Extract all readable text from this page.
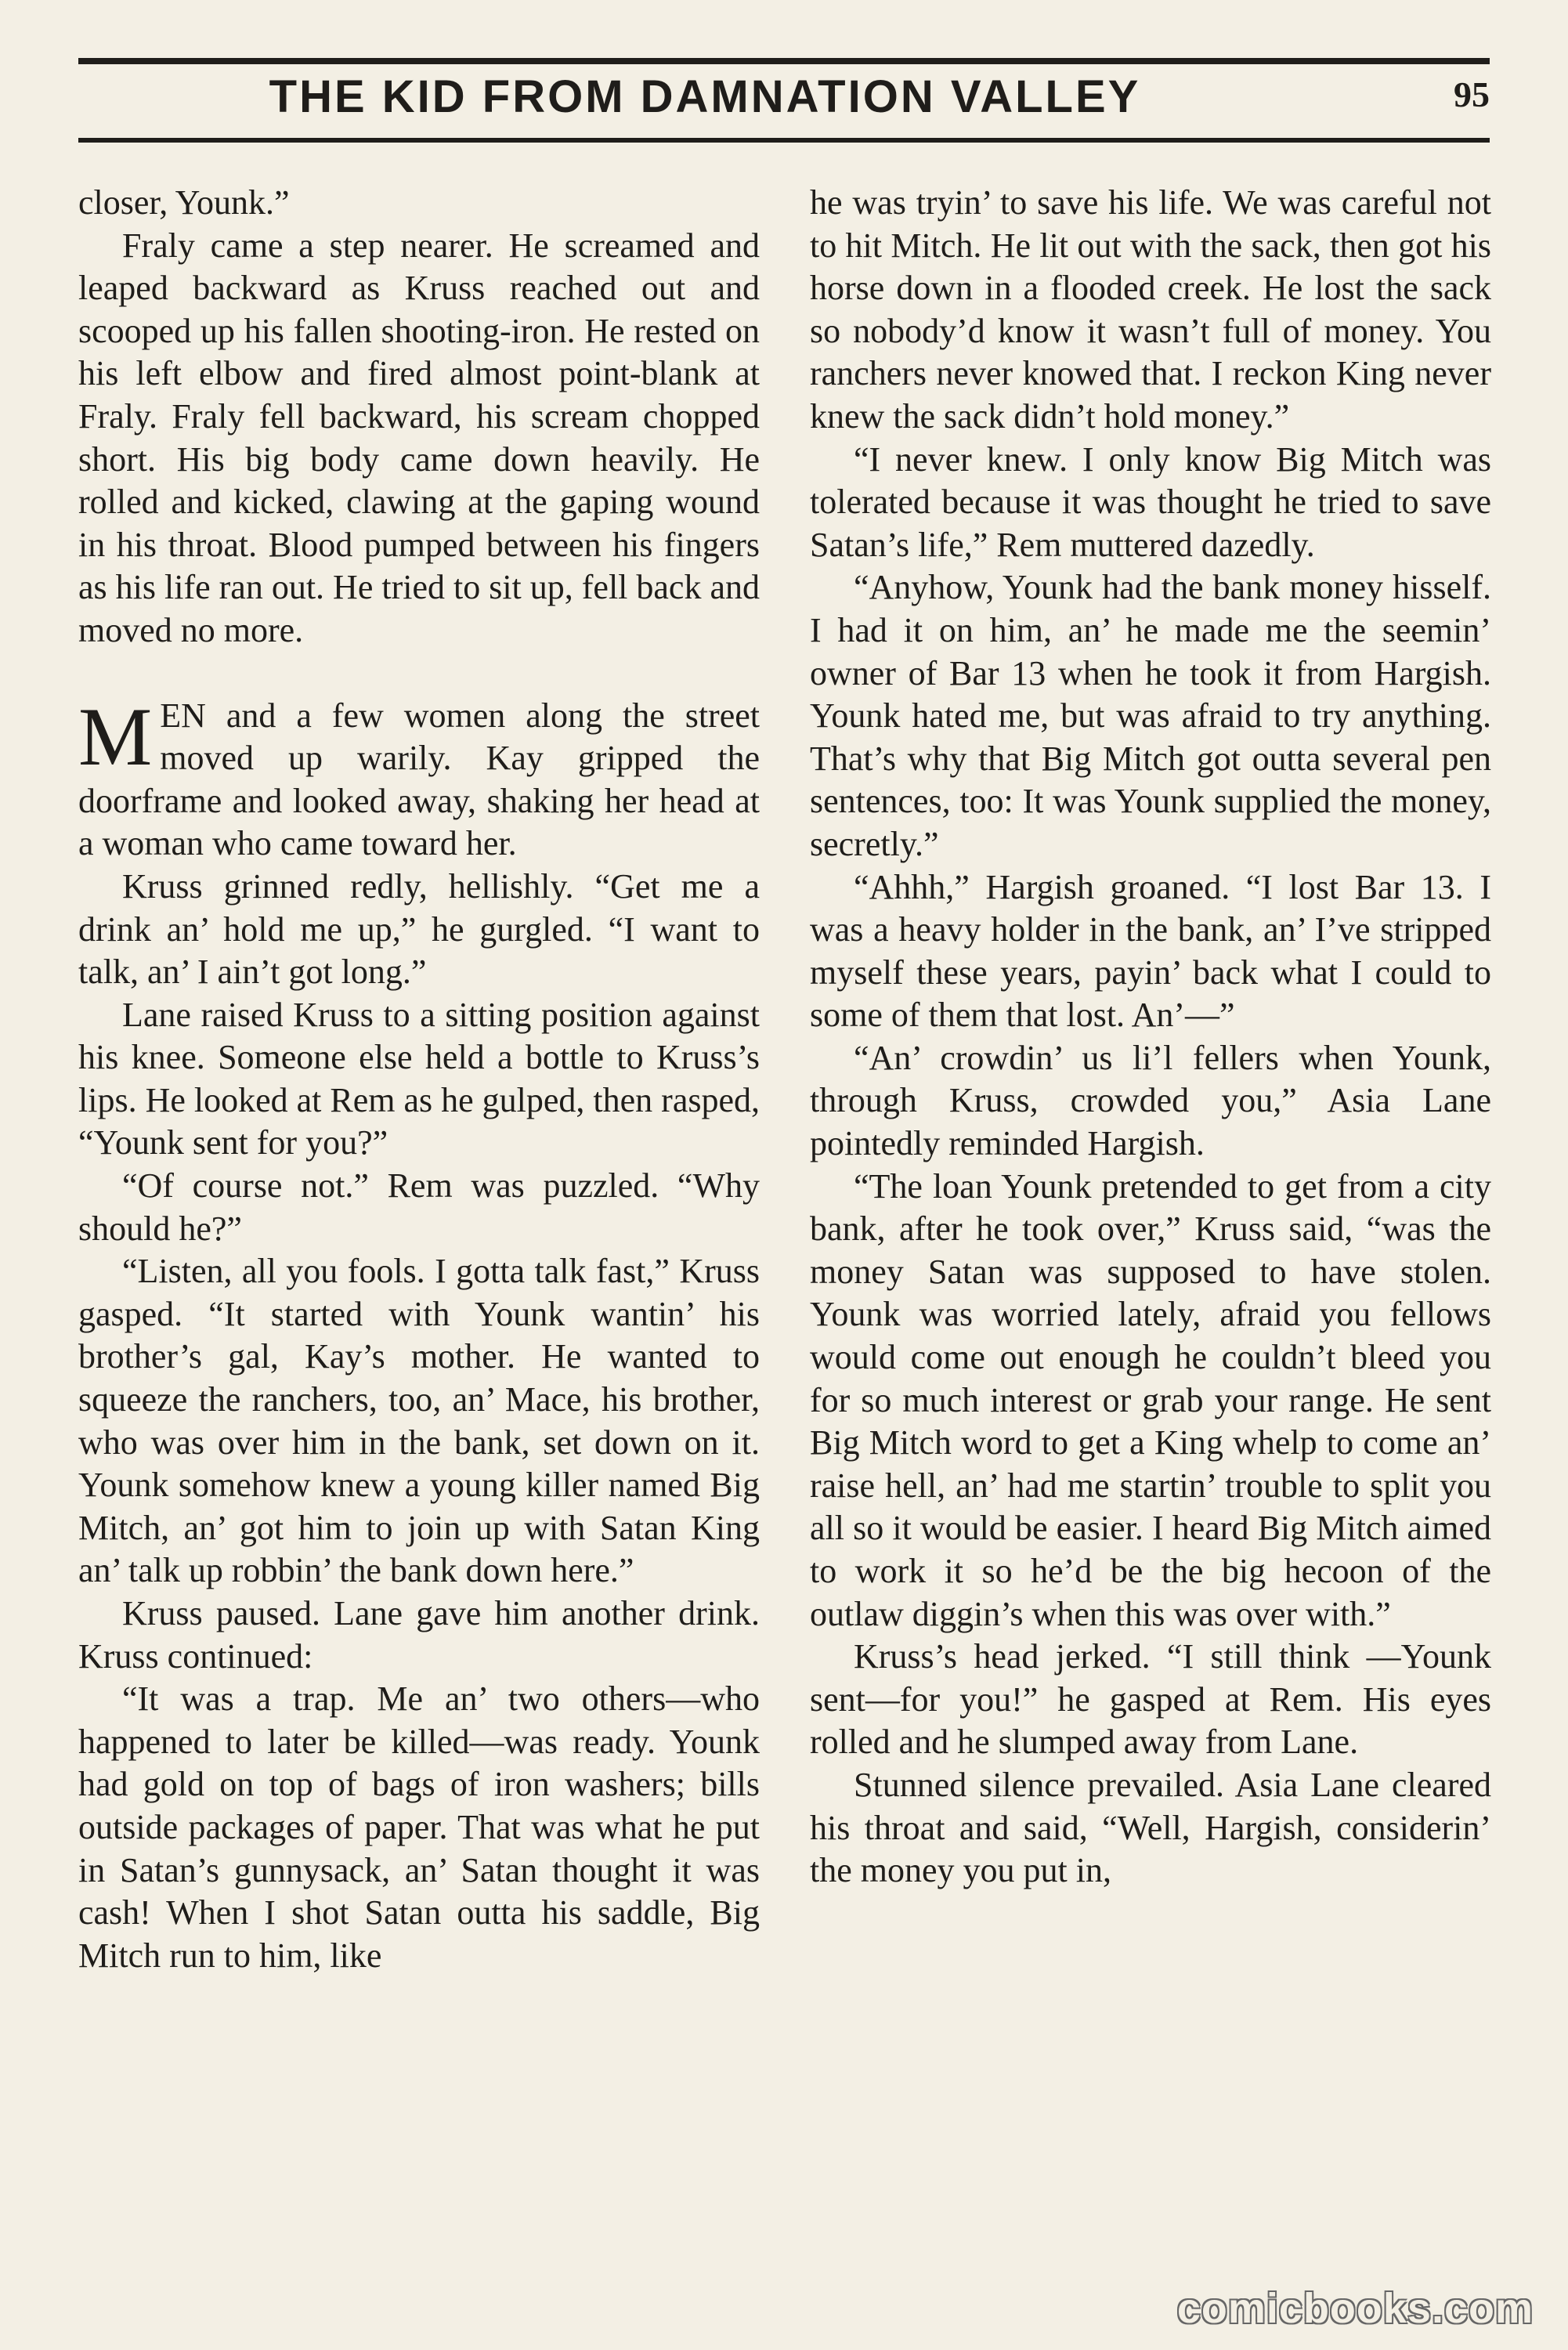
THE KID FROM DAMNATION VALLEY	95

closer, Younk.”

Fraly came a step nearer. He screamed and leaped backward as Kruss reached out and scooped up his fallen shooting-iron. He rested on his left elbow and fired almost point-blank at Fraly. Fraly fell backward, his scream chopped short. His big body came down heavily. He rolled and kicked, clawing at the gaping wound in his throat. Blood pumped between his fingers as his life ran out. He tried to sit up, fell back and moved no more.

MEN and a few women along the street moved up warily. Kay gripped the doorframe and looked away, shaking her head at a woman who came toward her.

Kruss grinned redly, hellishly. “Get me a drink an’ hold me up,” he gurgled. “I want to talk, an’ I ain’t got long.”

Lane raised Kruss to a sitting position against his knee. Someone else held a bottle to Kruss’s lips. He looked at Rem as he gulped, then rasped, “Younk sent for you?”

“Of course not.” Rem was puzzled. “Why should he?”

“Listen, all you fools. I gotta talk fast,” Kruss gasped. “It started with Younk wantin’ his brother’s gal, Kay’s mother. He wanted to squeeze the ranchers, too, an’ Mace, his brother, who was over him in the bank, set down on it. Younk somehow knew a young killer named Big Mitch, an’ got him to join up with Satan King an’ talk up robbin’ the bank down here.”

Kruss paused. Lane gave him another drink. Kruss continued:

“It was a trap. Me an’ two others—who happened to later be killed—was ready. Younk had gold on top of bags of iron washers; bills outside packages of paper. That was what he put in Satan’s gunnysack, an’ Satan thought it was cash! When I shot Satan outta his saddle, Big Mitch run to him, like

he was tryin’ to save his life. We was careful not to hit Mitch. He lit out with the sack, then got his horse down in a flooded creek. He lost the sack so nobody’d know it wasn’t full of money. You ranchers never knowed that. I reckon King never knew the sack didn’t hold money.”

“I never knew. I only know Big Mitch was tolerated because it was thought he tried to save Satan’s life,” Rem muttered dazedly.

“Anyhow, Younk had the bank money hisself. I had it on him, an’ he made me the seemin’ owner of Bar 13 when he took it from Hargish. Younk hated me, but was afraid to try anything. That’s why that Big Mitch got outta several pen sentences, too: It was Younk supplied the money, secretly.”

“Ahhh,” Hargish groaned. “I lost Bar 13. I was a heavy holder in the bank, an’ I’ve stripped myself these years, payin’ back what I could to some of them that lost. An’—”

“An’ crowdin’ us li’l fellers when Younk, through Kruss, crowded you,” Asia Lane pointedly reminded Hargish.

“The loan Younk pretended to get from a city bank, after he took over,” Kruss said, “was the money Satan was supposed to have stolen. Younk was worried lately, afraid you fellows would come out enough he couldn’t bleed you for so much interest or grab your range. He sent Big Mitch word to get a King whelp to come an’ raise hell, an’ had me startin’ trouble to split you all so it would be easier. I heard Big Mitch aimed to work it so he’d be the big hecoon of the outlaw diggin’s when this was over with.”

Kruss’s head jerked. “I still think —Younk sent—for you!” he gasped at Rem. His eyes rolled and he slumped away from Lane.

Stunned silence prevailed. Asia Lane cleared his throat and said, “Well, Hargish, considerin’ the money you put in,

comicbooks.com
